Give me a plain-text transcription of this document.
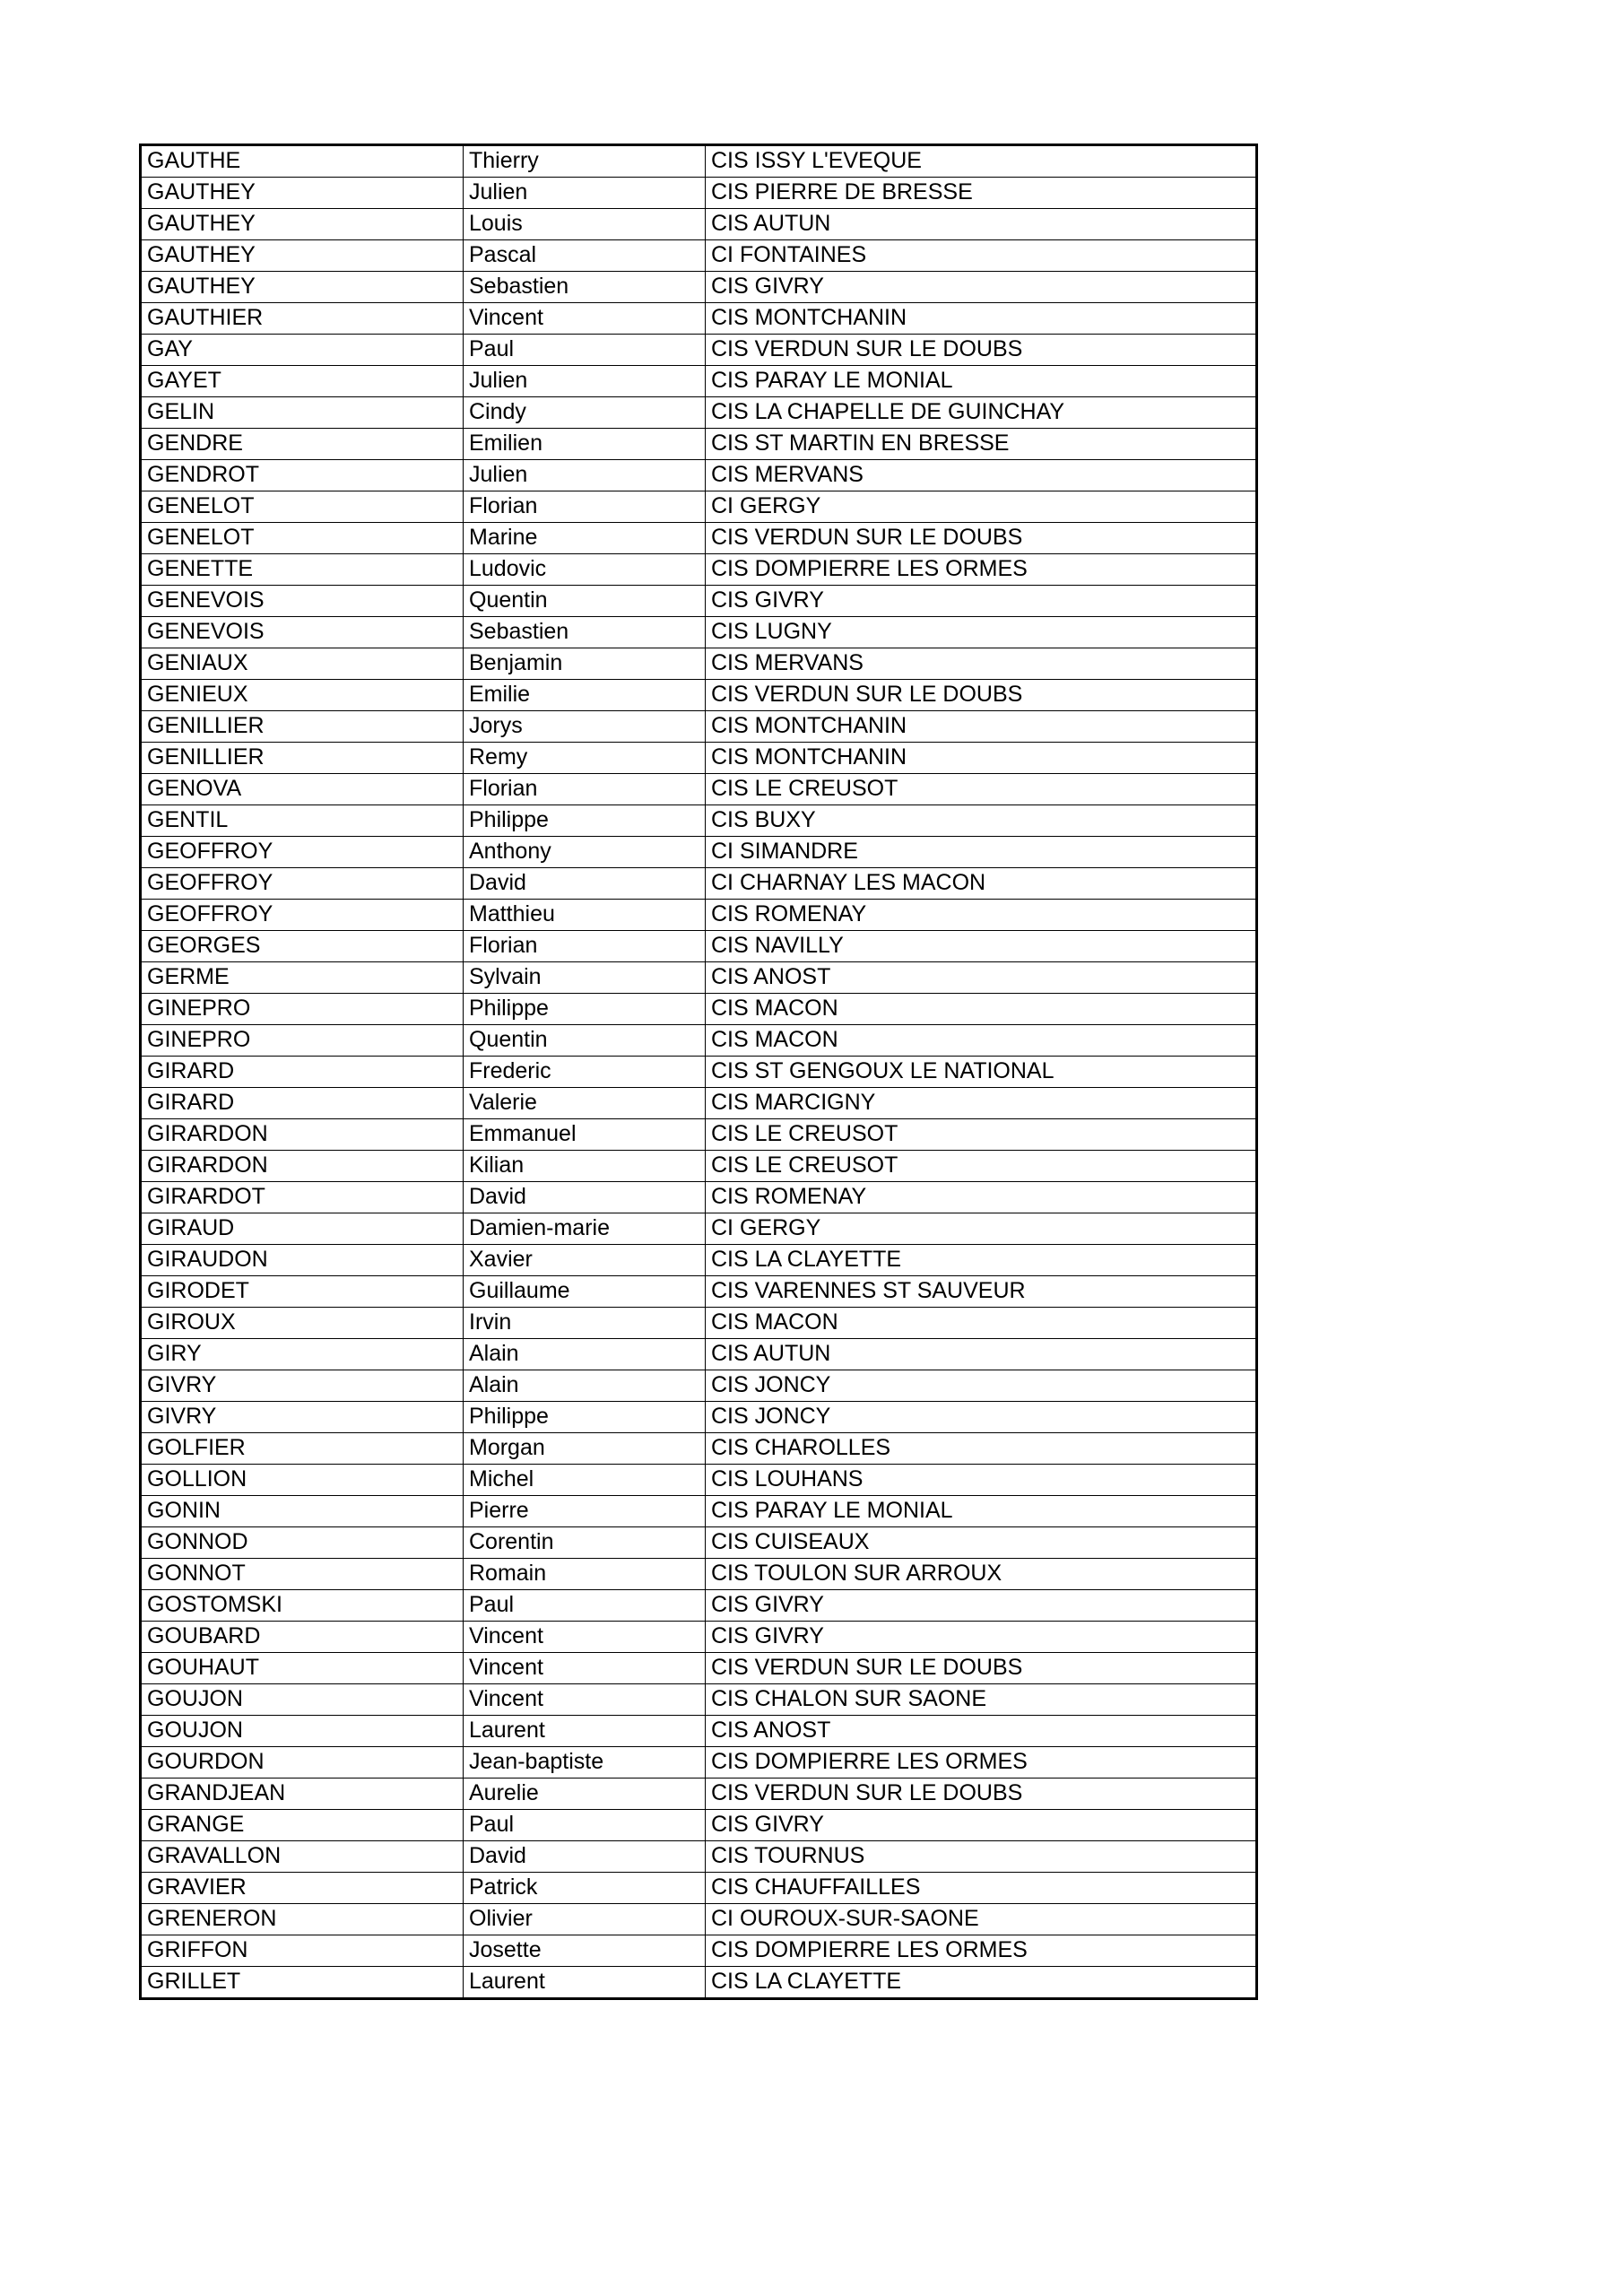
GAUTHE	Thierry	CIS ISSY L'EVEQUE
GAUTHEY	Julien	CIS PIERRE DE BRESSE
GAUTHEY	Louis	CIS AUTUN
GAUTHEY	Pascal	CI FONTAINES
GAUTHEY	Sebastien	CIS GIVRY
GAUTHIER	Vincent	CIS MONTCHANIN
GAY	Paul	CIS VERDUN SUR LE DOUBS
GAYET	Julien	CIS PARAY LE MONIAL
GELIN	Cindy	CIS LA CHAPELLE DE GUINCHAY
GENDRE	Emilien	CIS ST MARTIN EN BRESSE
GENDROT	Julien	CIS MERVANS
GENELOT	Florian	CI GERGY
GENELOT	Marine	CIS VERDUN SUR LE DOUBS
GENETTE	Ludovic	CIS DOMPIERRE LES ORMES
GENEVOIS	Quentin	CIS GIVRY
GENEVOIS	Sebastien	CIS LUGNY
GENIAUX	Benjamin	CIS MERVANS
GENIEUX	Emilie	CIS VERDUN SUR LE DOUBS
GENILLIER	Jorys	CIS MONTCHANIN
GENILLIER	Remy	CIS MONTCHANIN
GENOVA	Florian	CIS LE CREUSOT
GENTIL	Philippe	CIS BUXY
GEOFFROY	Anthony	CI SIMANDRE
GEOFFROY	David	CI CHARNAY LES MACON
GEOFFROY	Matthieu	CIS ROMENAY
GEORGES	Florian	CIS NAVILLY
GERME	Sylvain	CIS ANOST
GINEPRO	Philippe	CIS MACON
GINEPRO	Quentin	CIS MACON
GIRARD	Frederic	CIS ST GENGOUX LE NATIONAL
GIRARD	Valerie	CIS MARCIGNY
GIRARDON	Emmanuel	CIS LE CREUSOT
GIRARDON	Kilian	CIS LE CREUSOT
GIRARDOT	David	CIS ROMENAY
GIRAUD	Damien-marie	CI GERGY
GIRAUDON	Xavier	CIS LA CLAYETTE
GIRODET	Guillaume	CIS VARENNES ST SAUVEUR
GIROUX	Irvin	CIS MACON
GIRY	Alain	CIS AUTUN
GIVRY	Alain	CIS JONCY
GIVRY	Philippe	CIS JONCY
GOLFIER	Morgan	CIS CHAROLLES
GOLLION	Michel	CIS LOUHANS
GONIN	Pierre	CIS PARAY LE MONIAL
GONNOD	Corentin	CIS CUISEAUX
GONNOT	Romain	CIS TOULON SUR ARROUX
GOSTOMSKI	Paul	CIS GIVRY
GOUBARD	Vincent	CIS GIVRY
GOUHAUT	Vincent	CIS VERDUN SUR LE DOUBS
GOUJON	Vincent	CIS CHALON SUR SAONE
GOUJON	Laurent	CIS ANOST
GOURDON	Jean-baptiste	CIS DOMPIERRE LES ORMES
GRANDJEAN	Aurelie	CIS VERDUN SUR LE DOUBS
GRANGE	Paul	CIS GIVRY
GRAVALLON	David	CIS TOURNUS
GRAVIER	Patrick	CIS CHAUFFAILLES
GRENERON	Olivier	CI OUROUX-SUR-SAONE
GRIFFON	Josette	CIS DOMPIERRE LES ORMES
GRILLET	Laurent	CIS LA CLAYETTE
